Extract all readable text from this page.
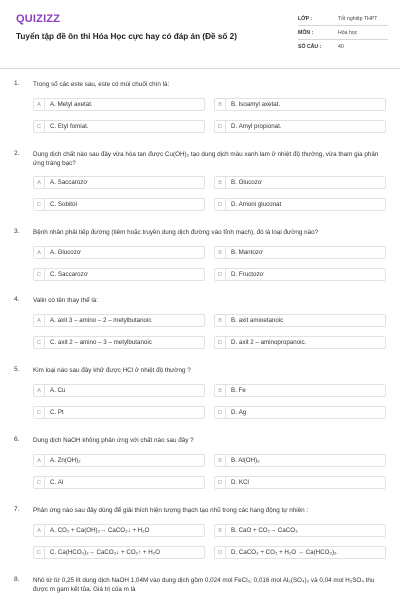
QUIZIZZ
Tuyển tập đề ôn thi Hóa Học cực hay có đáp án (Đề số 2)
LỚP :	Tốt nghiệp THPT
MÔN :	Hóa học
SỐ CÂU :	40
1. Trong số các este sau, este có mùi chuối chín là:
A	A. Metyl axetat.	B	B. Isoamyl axetat.
C	C. Etyl fomiat.	D	D. Amyl propionat.
2. Dung dịch chất nào sau đây vừa hòa tan được Cu(OH)₂ tạo dung dịch màu xanh lam ở nhiệt độ thường, vừa tham gia phản ứng tráng bạc?
A	A. Saccarozơ	B	B. Glucozơ
C	C. Sobitol	D	D. Amoni gluconat
3. Bệnh nhân phải tiếp đường (tiêm hoặc truyền dung dịch đường vào tĩnh mạch), đó là loại đường nào?
A	A. Glucozơ	B	B. Mantozơ
C	C. Saccarozơ	D	D. Fructozơ
4. Valin có tên thay thế là:
A	A. axit 3 – amino – 2 – metylbutanoic	B	B. axit amioetanoic
C	C. axit 2 – amino – 3 – metylbutanoic	D	D. axit 2 – aminopropanoic.
5. Kim loại nào sau đây khử được HCl ở nhiệt độ thường ?
A	A. Cu	B	B. Fe
C	C. Pt	D	D. Ag
6. Dung dịch NaOH không phản ứng với chất nào sau đây ?
A	A. Zn(OH)₂	B	B. Al(OH)₃
C	C. Al	D	D. KCl
7. Phản ứng nào sau đây dùng để giải thích hiện tượng thạch tạo nhũ trong các hang động tự nhiên :
A	A. CO₂ + Ca(OH)₂→ CaCO₃↓ + H₂O	B	B. CaO + CO₂→ CaCO₃
C	C. Ca(HCO₃)₂→ CaCO₃↓ + CO₂↑ + H₂O	D	D. CaCO₃ + CO₂ + H₂O → Ca(HCO₃)₂.
8. Nhỏ từ từ 0,25 lít dung dịch NaOH 1,04M vào dung dịch gồm 0,024 mol FeCl₃; 0,016 mol Al₂(SO₄)₃ và 0,04 mol H₂SO₄ thu được m gam kết tủa. Giá trị của m là
